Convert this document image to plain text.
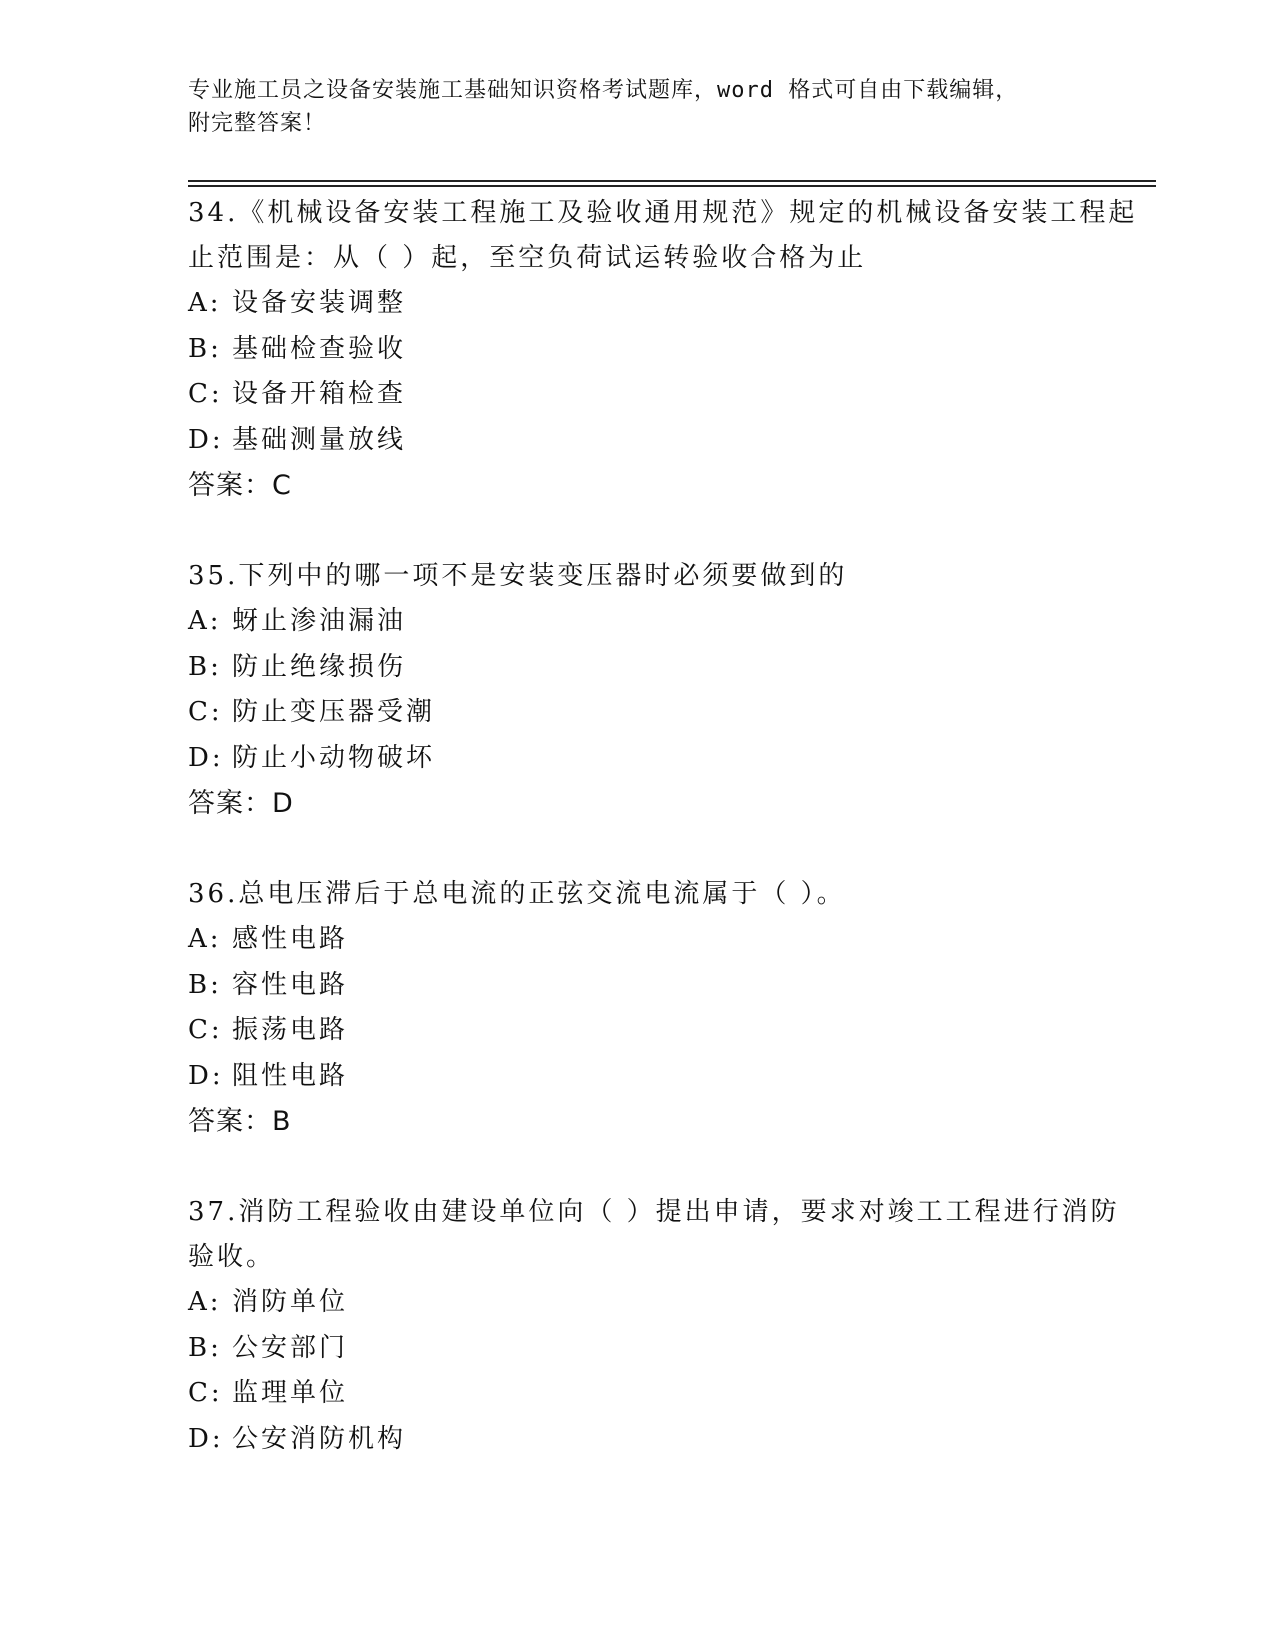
专业施工员之设备安装施工基础知识资格考试题库，word 格式可自由下载编辑，
附完整答案！
34.《机械设备安装工程施工及验收通用规范》规定的机械设备安装工程起止范围是：从（ ）起，至空负荷试运转验收合格为止
A: 设备安装调整
B: 基础检查验收
C: 设备开箱检查
D: 基础测量放线
答案：C
35.下列中的哪一项不是安装变压器时必须要做到的
A: 蚜止渗油漏油
B: 防止绝缘损伤
C: 防止变压器受潮
D: 防止小动物破坏
答案：D
36.总电压滞后于总电流的正弦交流电流属于（ ）。
A: 感性电路
B: 容性电路
C: 振荡电路
D: 阻性电路
答案：B
37.消防工程验收由建设单位向（ ）提出申请，要求对竣工工程进行消防验收。
A: 消防单位
B: 公安部门
C: 监理单位
D: 公安消防机构
